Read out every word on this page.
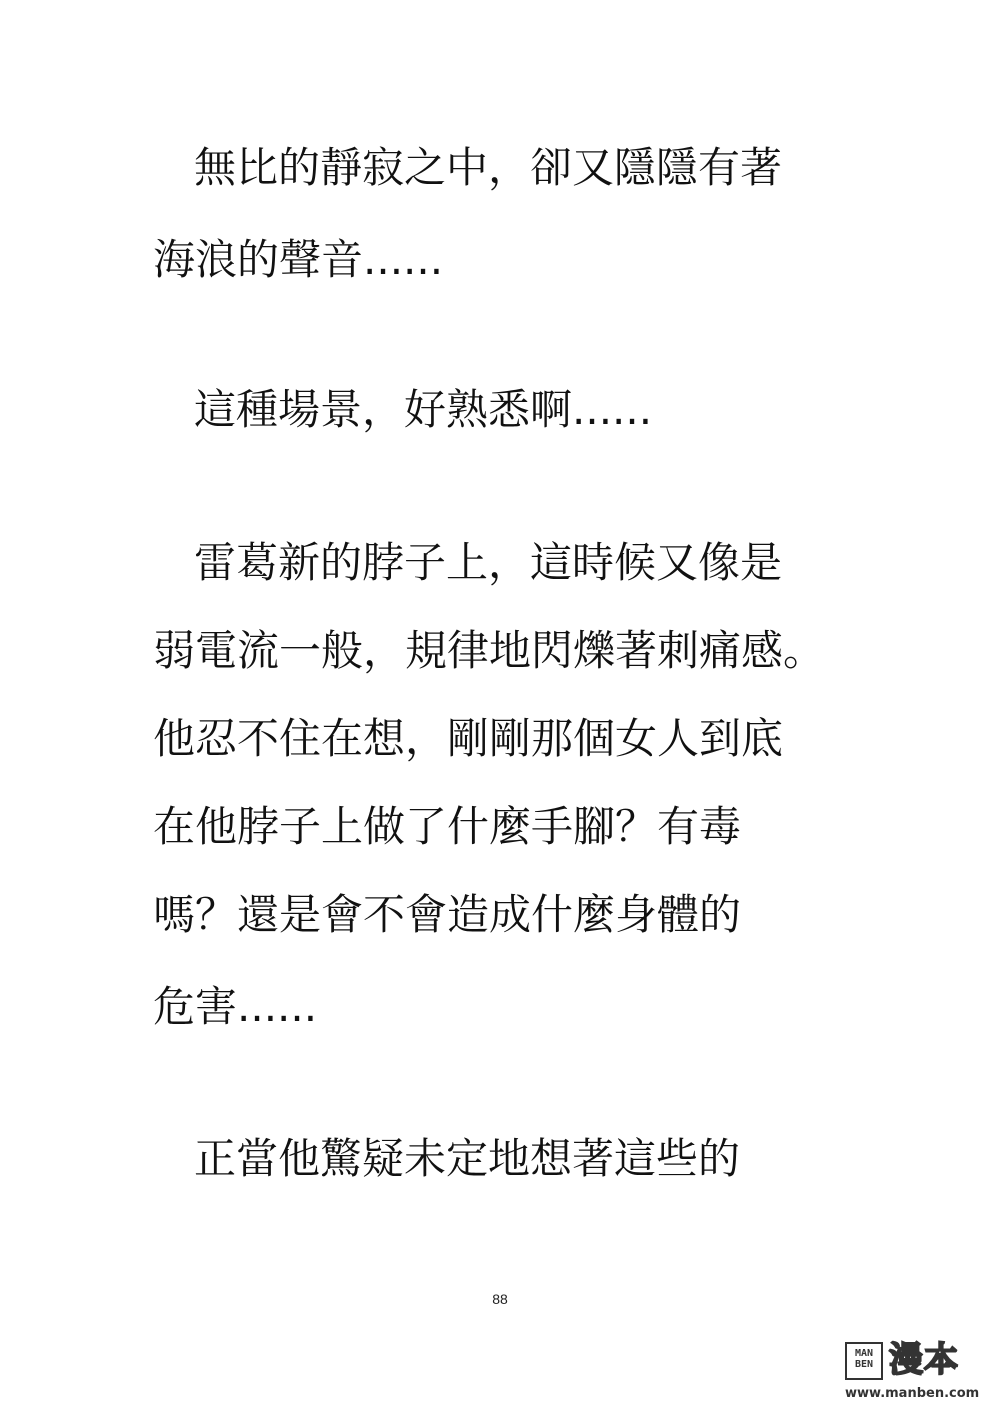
無比的靜寂之中，卻又隱隱有著
海浪的聲音......
這種場景，好熟悉啊......
雷葛新的脖子上，這時候又像是
弱電流一般，規律地閃爍著刺痛感。
他忍不住在想，剛剛那個女人到底
在他脖子上做了什麼手腳？有毒
嗎？還是會不會造成什麼身體的
危害......
正當他驚疑未定地想著這些的
88
MAN BEN 漫本
www.manben.com
